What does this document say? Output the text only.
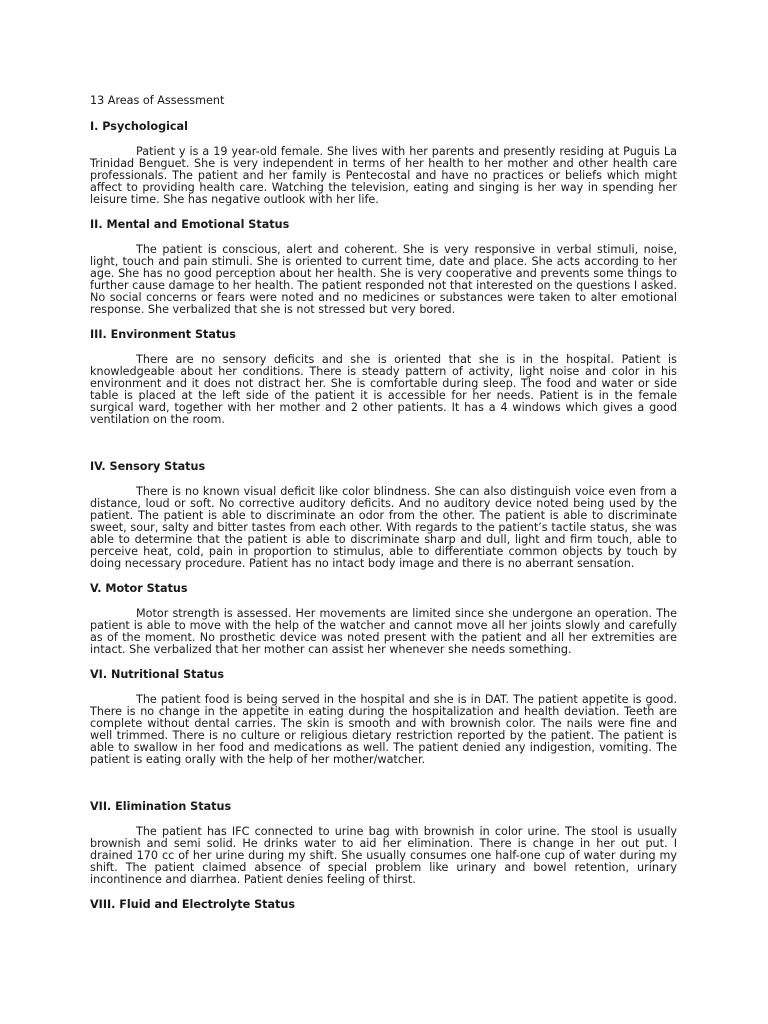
13 Areas of Assessment
I. Psychological

Patient y is a 19 year-old female. She lives with her parents and presently residing at Puguis La Trinidad Benguet. She is very independent in terms of her health to her mother and other health care professionals. The patient and her family is Pentecostal and have no practices or beliefs which might affect to providing health care. Watching the television, eating and singing is her way in spending her leisure time. She has negative outlook with her life.

II. Mental and Emotional Status

The patient is conscious, alert and coherent. She is very responsive in verbal stimuli, noise, light, touch and pain stimuli. She is oriented to current time, date and place. She acts according to her age. She has no good perception about her health. She is very cooperative and prevents some things to further cause damage to her health. The patient responded not that interested on the questions I asked. No social concerns or fears were noted and no medicines or substances were taken to alter emotional response. She verbalized that she is not stressed but very bored.

III. Environment Status

There are no sensory deficits and she is oriented that she is in the hospital. Patient is knowledgeable about her conditions. There is steady pattern of activity, light noise and color in his environment and it does not distract her. She is comfortable during sleep. The food and water or side table is placed at the left side of the patient it is accessible for her needs. Patient is in the female surgical ward, together with her mother and 2 other patients. It has a 4 windows which gives a good ventilation on the room.

IV. Sensory Status

There is no known visual deficit like color blindness. She can also distinguish voice even from a distance, loud or soft. No corrective auditory deficits. And no auditory device noted being used by the patient. The patient is able to discriminate an odor from the other. The patient is able to discriminate sweet, sour, salty and bitter tastes from each other. With regards to the patient’s tactile status, she was able to determine that the patient is able to discriminate sharp and dull, light and firm touch, able to perceive heat, cold, pain in proportion to stimulus, able to differentiate common objects by touch by doing necessary procedure. Patient has no intact body image and there is no aberrant sensation.

V. Motor Status

Motor strength is assessed. Her movements are limited since she undergone an operation. The patient is able to move with the help of the watcher and cannot move all her joints slowly and carefully as of the moment. No prosthetic device was noted present with the patient and all her extremities are intact. She verbalized that her mother can assist her whenever she needs something.

VI. Nutritional Status

The patient food is being served in the hospital and she is in DAT. The patient appetite is good. There is no change in the appetite in eating during the hospitalization and health deviation. Teeth are complete without dental carries. The skin is smooth and with brownish color. The nails were fine and well trimmed. There is no culture or religious dietary restriction reported by the patient. The patient is able to swallow in her food and medications as well. The patient denied any indigestion, vomiting. The patient is eating orally with the help of her mother/watcher.

VII. Elimination Status

The patient has IFC connected to urine bag with brownish in color urine. The stool is usually brownish and semi solid. He drinks water to aid her elimination. There is change in her out put. I drained 170 cc of her urine during my shift. She usually consumes one half-one cup of water during my shift. The patient claimed absence of special problem like urinary and bowel retention, urinary incontinence and diarrhea. Patient denies feeling of thirst.

VIII. Fluid and Electrolyte Status
